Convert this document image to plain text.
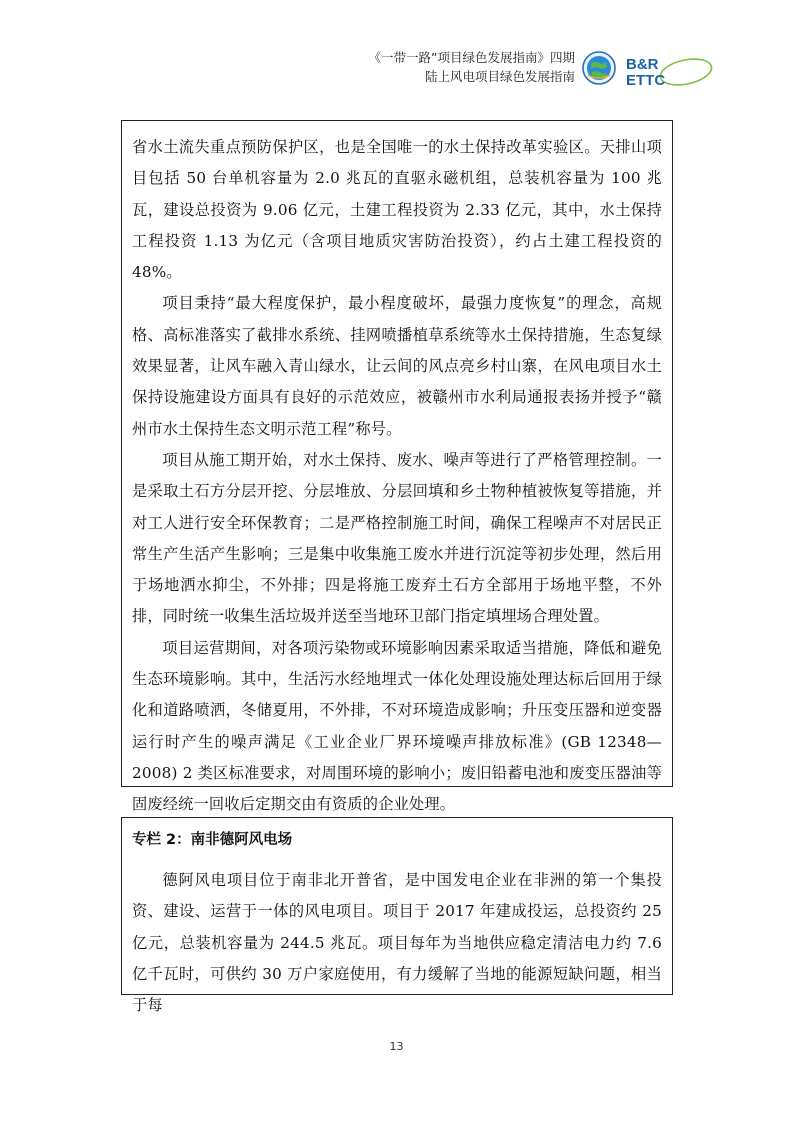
《一带一路”项目绿色发展指南》四期
陆上风电项目绿色发展指南
B&R
ETTC

省水土流失重点预防保护区，也是全国唯一的水土保持改革实验区。天排山项目包括 50 台单机容量为 2.0 兆瓦的直驱永磁机组，总装机容量为 100 兆瓦，建设总投资为 9.06 亿元，土建工程投资为 2.33 亿元，其中，水土保持工程投资 1.13 为亿元（含项目地质灾害防治投资），约占土建工程投资的 48%。

项目秉持“最大程度保护，最小程度破坏，最强力度恢复”的理念，高规格、高标准落实了截排水系统、挂网喷播植草系统等水土保持措施，生态复绿效果显著，让风车融入青山绿水，让云间的风点亮乡村山寨，在风电项目水土保持设施建设方面具有良好的示范效应，被赣州市水利局通报表扬并授予“赣州市水土保持生态文明示范工程”称号。

项目从施工期开始，对水土保持、废水、噪声等进行了严格管理控制。一是采取土石方分层开挖、分层堆放、分层回填和乡土物种植被恢复等措施，并对工人进行安全环保教育；二是严格控制施工时间，确保工程噪声不对居民正常生产生活产生影响；三是集中收集施工废水并进行沉淀等初步处理，然后用于场地洒水抑尘，不外排；四是将施工废弃土石方全部用于场地平整，不外排，同时统一收集生活垃圾并送至当地环卫部门指定填埋场合理处置。

项目运营期间，对各项污染物或环境影响因素采取适当措施，降低和避免生态环境影响。其中，生活污水经地埋式一体化处理设施处理达标后回用于绿化和道路喷洒，冬储夏用，不外排，不对环境造成影响；升压变压器和逆变器运行时产生的噪声满足《工业企业厂界环境噪声排放标准》(GB 12348—2008) 2 类区标准要求，对周围环境的影响小；废旧铅蓄电池和废变压器油等固废经统一回收后定期交由有资质的企业处理。

专栏 2：南非德阿风电场

德阿风电项目位于南非北开普省，是中国发电企业在非洲的第一个集投资、建设、运营于一体的风电项目。项目于 2017 年建成投运，总投资约 25 亿元，总装机容量为 244.5 兆瓦。项目每年为当地供应稳定清洁电力约 7.6 亿千瓦时，可供约 30 万户家庭使用，有力缓解了当地的能源短缺问题，相当于每

13
